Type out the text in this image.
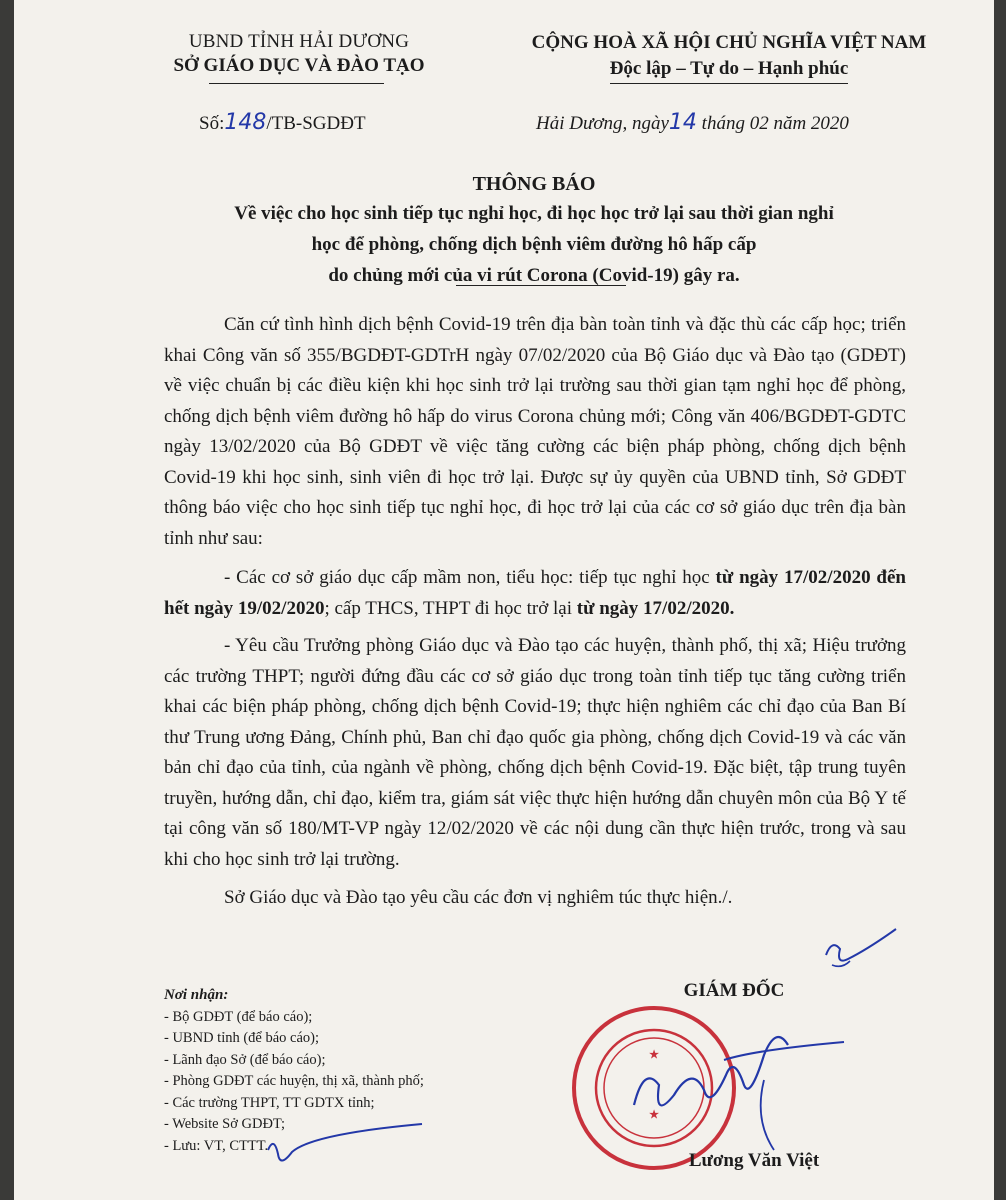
UBND TỈNH HẢI DƯƠNG
SỞ GIÁO DỤC VÀ ĐÀO TẠO
CỘNG HOÀ XÃ HỘI CHỦ NGHĨA VIỆT NAM
Độc lập – Tự do – Hạnh phúc
Số:148/TB-SGDĐT	Hải Dương, ngày14 tháng 02 năm 2020
THÔNG BÁO
Về việc cho học sinh tiếp tục nghỉ học, đi học học trở lại sau thời gian nghỉ
học để phòng, chống dịch bệnh viêm đường hô hấp cấp
do chủng mới của vi rút Corona (Covid-19) gây ra.

Căn cứ tình hình dịch bệnh Covid-19 trên địa bàn toàn tỉnh và đặc thù các cấp học; triển khai Công văn số 355/BGDĐT-GDTrH ngày 07/02/2020 của Bộ Giáo dục và Đào tạo (GDĐT) về việc chuẩn bị các điều kiện khi học sinh trở lại trường sau thời gian tạm nghỉ học để phòng, chống dịch bệnh viêm đường hô hấp do virus Corona chủng mới; Công văn 406/BGDĐT-GDTC ngày 13/02/2020 của Bộ GDĐT về việc tăng cường các biện pháp phòng, chống dịch bệnh Covid-19 khi học sinh, sinh viên đi học trở lại. Được sự ủy quyền của UBND tỉnh, Sở GDĐT thông báo việc cho học sinh tiếp tục nghỉ học, đi học trở lại của các cơ sở giáo dục trên địa bàn tỉnh như sau:

- Các cơ sở giáo dục cấp mầm non, tiểu học: tiếp tục nghỉ học từ ngày 17/02/2020 đến hết ngày 19/02/2020; cấp THCS, THPT đi học trở lại từ ngày 17/02/2020.

- Yêu cầu Trưởng phòng Giáo dục và Đào tạo các huyện, thành phố, thị xã; Hiệu trưởng các trường THPT; người đứng đầu các cơ sở giáo dục trong toàn tỉnh tiếp tục tăng cường triển khai các biện pháp phòng, chống dịch bệnh Covid-19; thực hiện nghiêm các chỉ đạo của Ban Bí thư Trung ương Đảng, Chính phủ, Ban chỉ đạo quốc gia phòng, chống dịch Covid-19 và các văn bản chỉ đạo của tỉnh, của ngành về phòng, chống dịch bệnh Covid-19. Đặc biệt, tập trung tuyên truyền, hướng dẫn, chỉ đạo, kiểm tra, giám sát việc thực hiện hướng dẫn chuyên môn của Bộ Y tế tại công văn số 180/MT-VP ngày 12/02/2020 về các nội dung cần thực hiện trước, trong và sau khi cho học sinh trở lại trường.

Sở Giáo dục và Đào tạo yêu cầu các đơn vị nghiêm túc thực hiện./.

Nơi nhận:
- Bộ GDĐT (để báo cáo);
- UBND tỉnh (để báo cáo);
- Lãnh đạo Sở (để báo cáo);
- Phòng GDĐT các huyện, thị xã, thành phố;
- Các trường THPT, TT GDTX tỉnh;
- Website Sở GDĐT;
- Lưu: VT, CTTT.
GIÁM ĐỐC
★
★
Lương Văn Việt
